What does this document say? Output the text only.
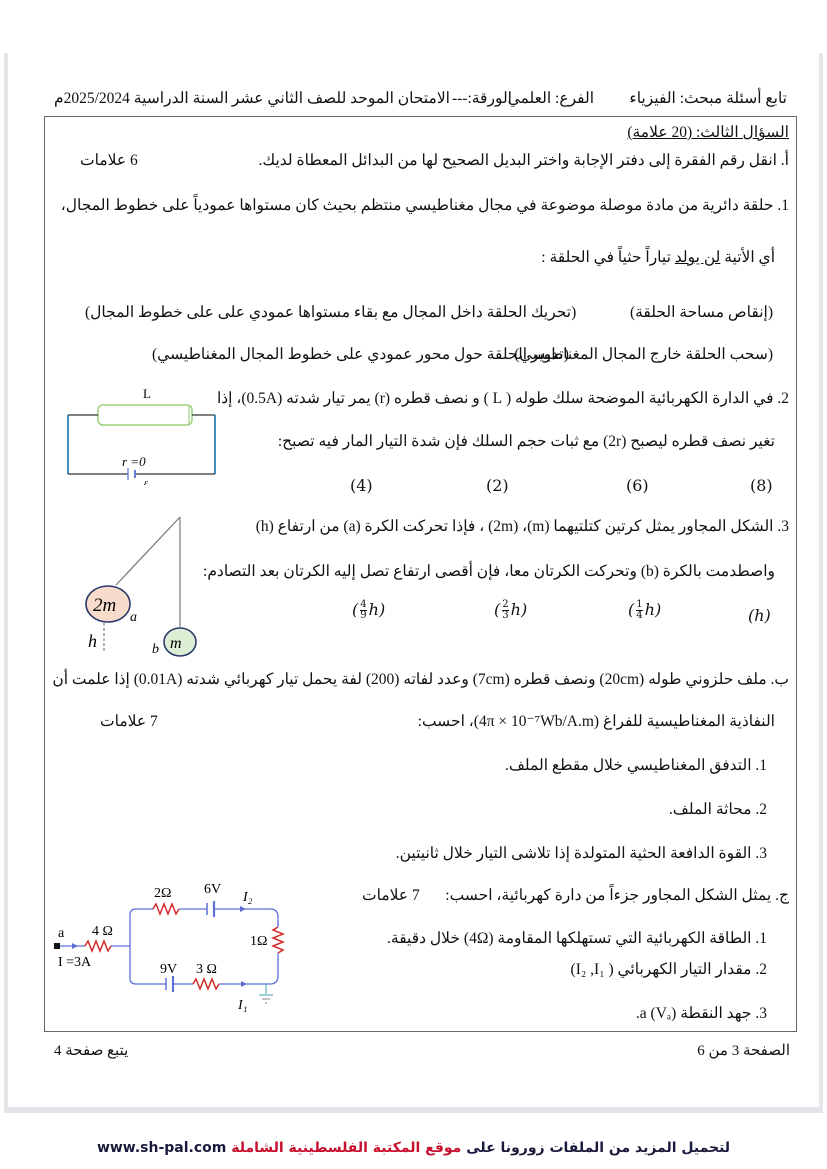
تابع أسئلة مبحث: الفيزياء
الفرع: العلمي
الورقة:---
الامتحان الموحد للصف الثاني عشر
السنة الدراسية 2025/2024م
السؤال الثالث: (20 علامة)
أ. انقل رقم الفقرة إلى دفتر الإجابة واختر البديل الصحيح لها من البدائل المعطاة لديك.
6 علامات
1. حلقة دائرية من مادة موصلة موضوعة في مجال مغناطيسي منتظم بحيث كان مستواها عمودياً على خطوط المجال،
أي الأتية لن يولد تياراً حثياً في الحلقة :
(إنقاص مساحة الحلقة)
(تحريك الحلقة داخل المجال مع بقاء مستواها عمودي على على خطوط المجال)
(سحب الحلقة خارج المجال المغناطيسي)
(تدوير الحلقة حول محور عمودي على خطوط المجال المغناطيسي)
2. في الدارة الكهربائية الموضحة سلك طوله ( L ) و نصف قطره (r) يمر تيار شدته (0.5A)، إذا
تغير نصف قطره ليصبح (2r) مع ثبات حجم السلك فإن شدة التيار المار فيه تصبح:
(8)
(6)
(2)
(4)
L
r =0
ε
3. الشكل المجاور يمثل كرتين كتلتيهما (m)، (2m) ، فإذا تحركت الكرة (a) من ارتفاع (h)
واصطدمت بالكرة (b) وتحركت الكرتان معا، فإن أقصى ارتفاع تصل إليه الكرتان بعد التصادم:
(h)
( $\frac{1}{4} h$)
( $\frac{2}{3} h$)
( $\frac{4}{9} h$)
2m
a
h	m
b
ب. ملف حلزوني طوله (20cm) ونصف قطره (7cm) وعدد لفاته (200) لفة يحمل تيار كهربائي شدته (0.01A) إذا علمت أن
النفاذية المغناطيسية للفراغ (4π × 10⁻⁷Wb/A.m)، احسب:
7 علامات
1. التدفق المغناطيسي خلال مقطع الملف.
2. محاثة الملف.
3. القوة الدافعة الحثية المتولدة إذا تلاشى التيار خلال ثانيتين.
ج. يمثل الشكل المجاور جزءاً من دارة كهربائية، احسب:
7 علامات
1. الطاقة الكهربائية التي تستهلكها المقاومة (4Ω) خلال دقيقة.
2. مقدار التيار الكهربائي ( I₂ ,I₁)
3. جهد النقطة a (Vₐ).
a 4 Ω
I =3A
2Ω 6V
I₂
1Ω
9V 3 Ω
I₁
الصفحة 3 من 6
يتبع صفحة 4
لتحميل المزيد من الملفات زورونا على موقع المكتبة الفلسطينية الشاملة www.sh-pal.com
